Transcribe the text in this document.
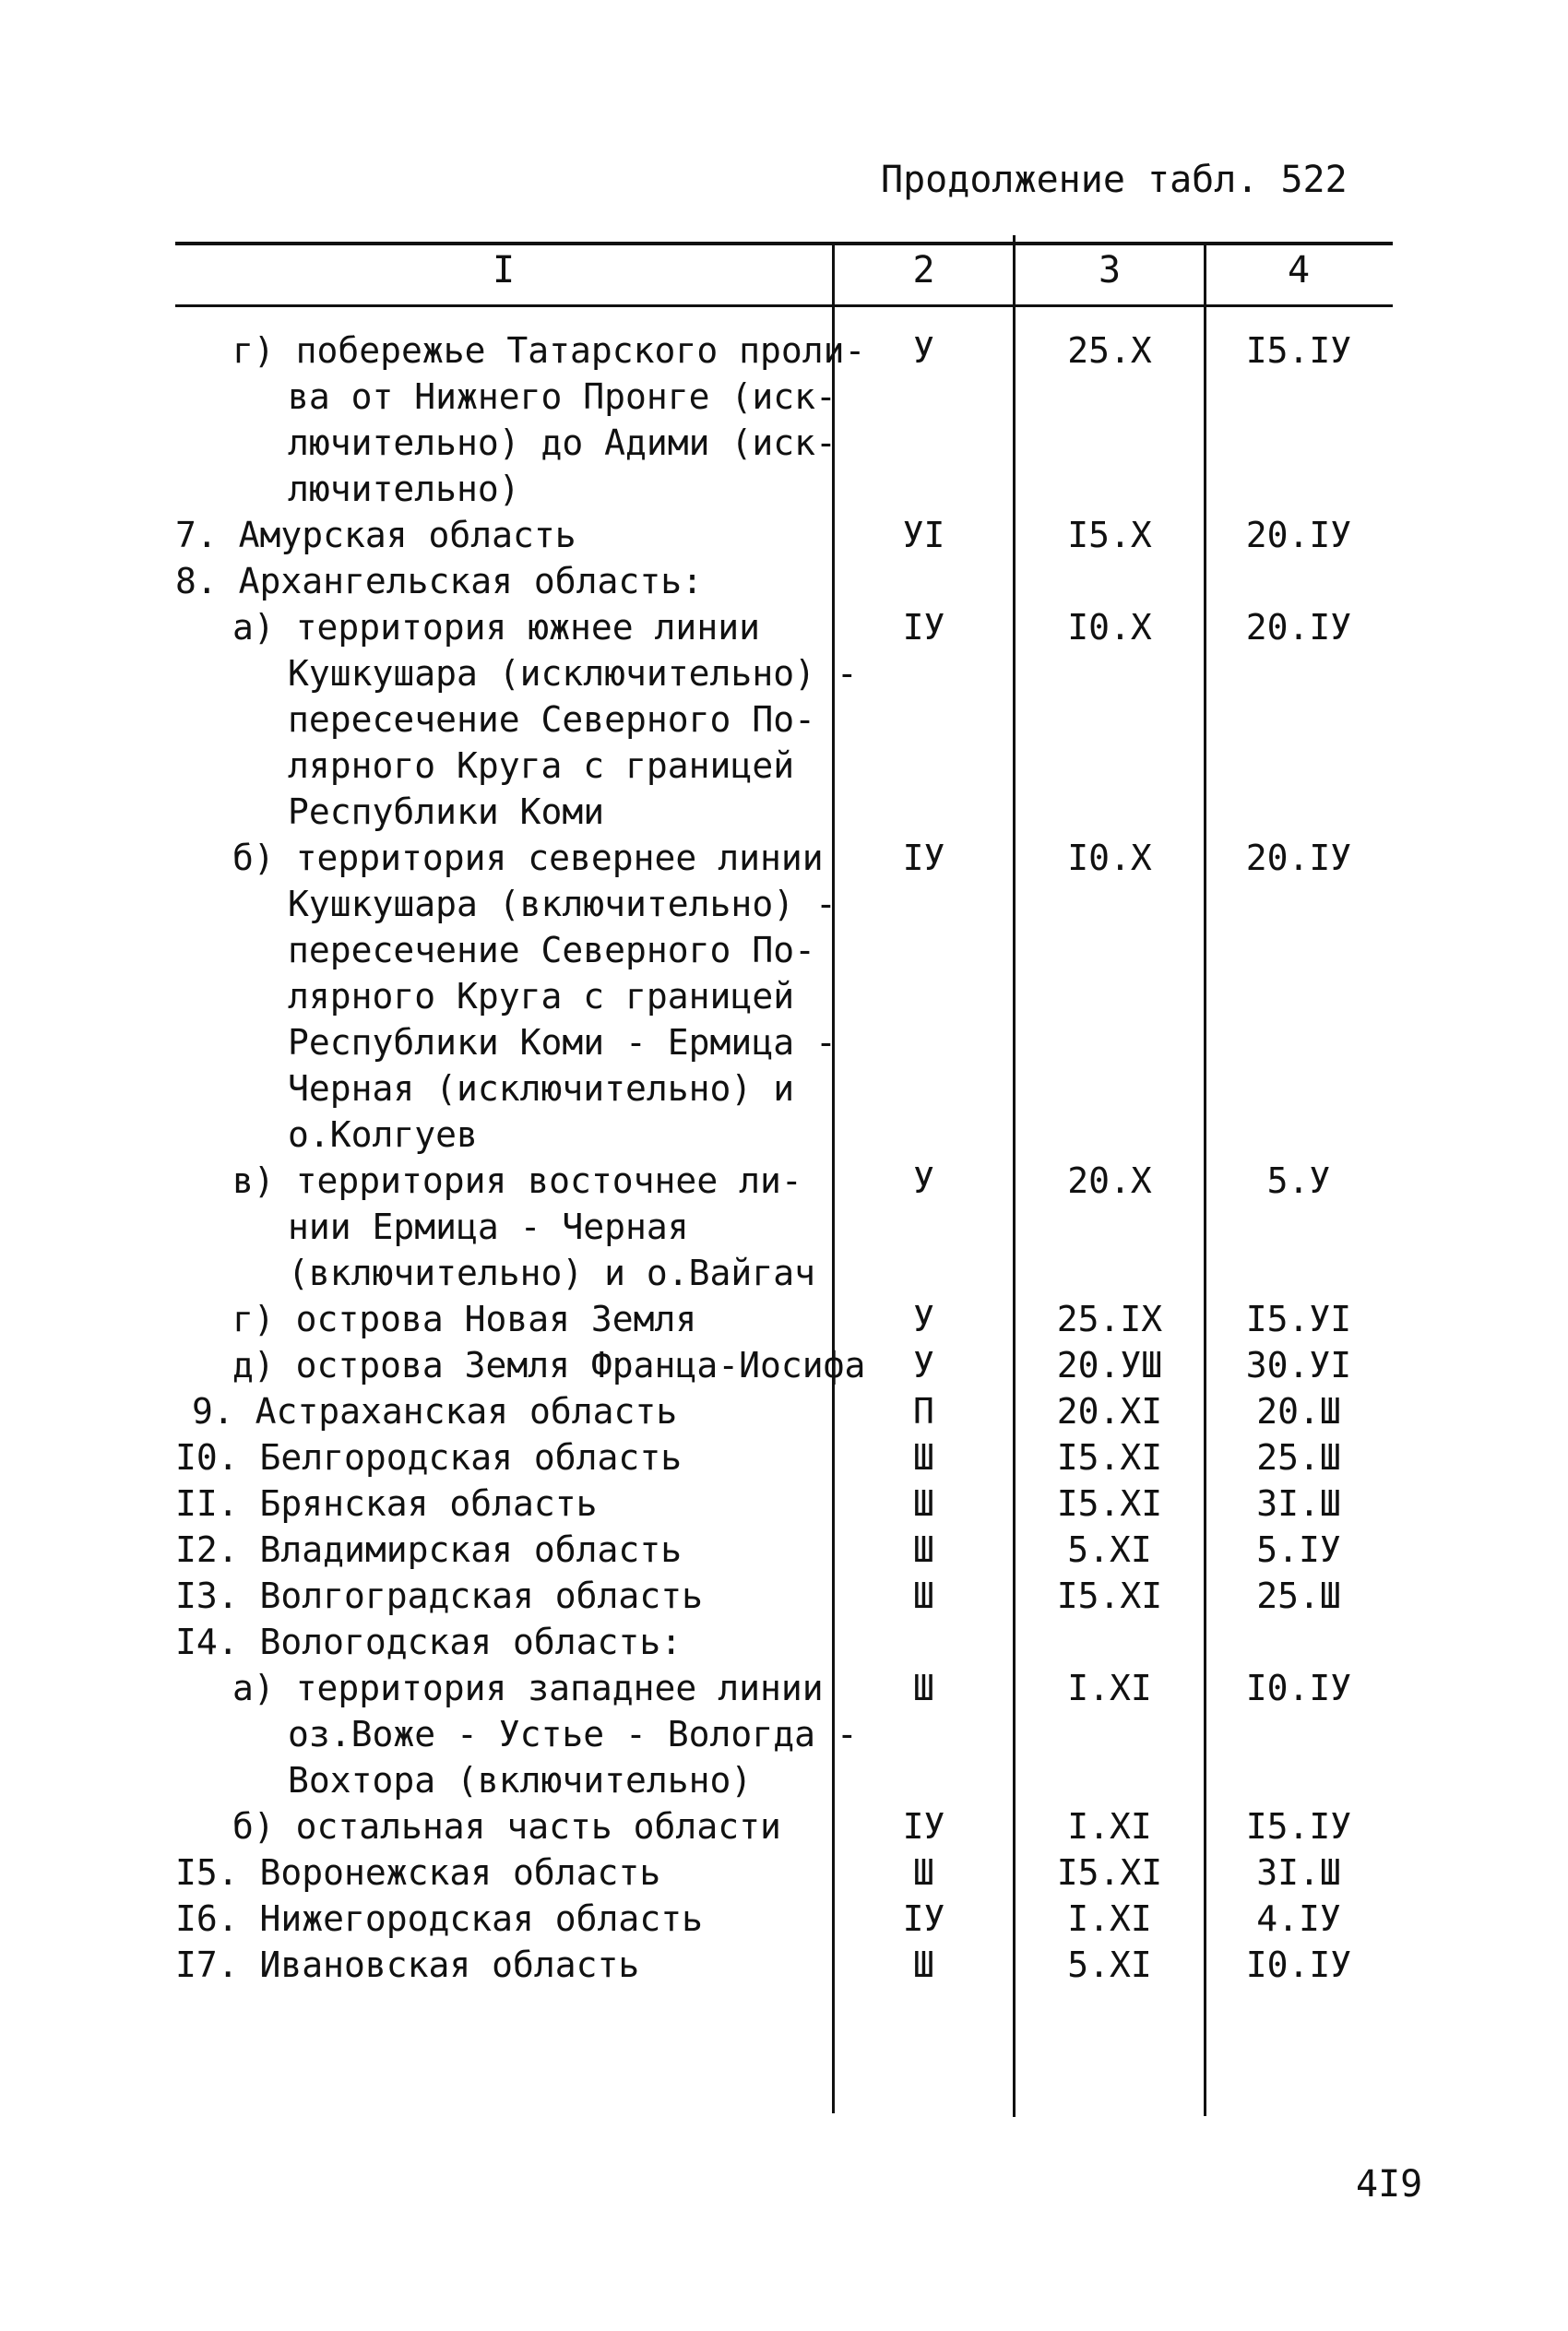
Продолжение табл. 522
I	2	3	4
г) побережье Татарского проли-
ва от Нижнего Пронге (иск-
лючительно) до Адими (иск-
лючительно)
У	25.X	I5.IУ
7. Амурская область	УI	I5.X	20.IУ
8. Архангельская область:
а) территория южнее линии
Кушкушара (исключительно) -
пересечение Северного По-
лярного Круга с границей
Республики Коми
IУ	I0.X	20.IУ
б) территория севернее линии
Кушкушара (включительно) -
пересечение Северного По-
лярного Круга с границей
Республики Коми - Ермица -
Черная (исключительно) и
о.Колгуев
IУ	I0.X	20.IУ
в) территория восточнее ли-
нии Ермица - Черная
(включительно) и о.Вайгач
У	20.X	5.У
г) острова Новая Земля	У	25.IX	I5.УI
д) острова Земля Франца-Иосифа	У	20.УШ	30.УI
9. Астраханская область	П	20.XI	20.Ш
I0. Белгородская область	Ш	I5.XI	25.Ш
II. Брянская область	Ш	I5.XI	3I.Ш
I2. Владимирская область	Ш	5.XI	5.IУ
I3. Волгоградская область	Ш	I5.XI	25.Ш
I4. Вологодская область:
а) территория западнее линии
оз.Воже - Устье - Вологда -
Вохтора (включительно)
Ш	I.XI	I0.IУ
б) остальная часть области	IУ	I.XI	I5.IУ
I5. Воронежская область	Ш	I5.XI	3I.Ш
I6. Нижегородская область	IУ	I.XI	4.IУ
I7. Ивановская область	Ш	5.XI	I0.IУ
4I9
